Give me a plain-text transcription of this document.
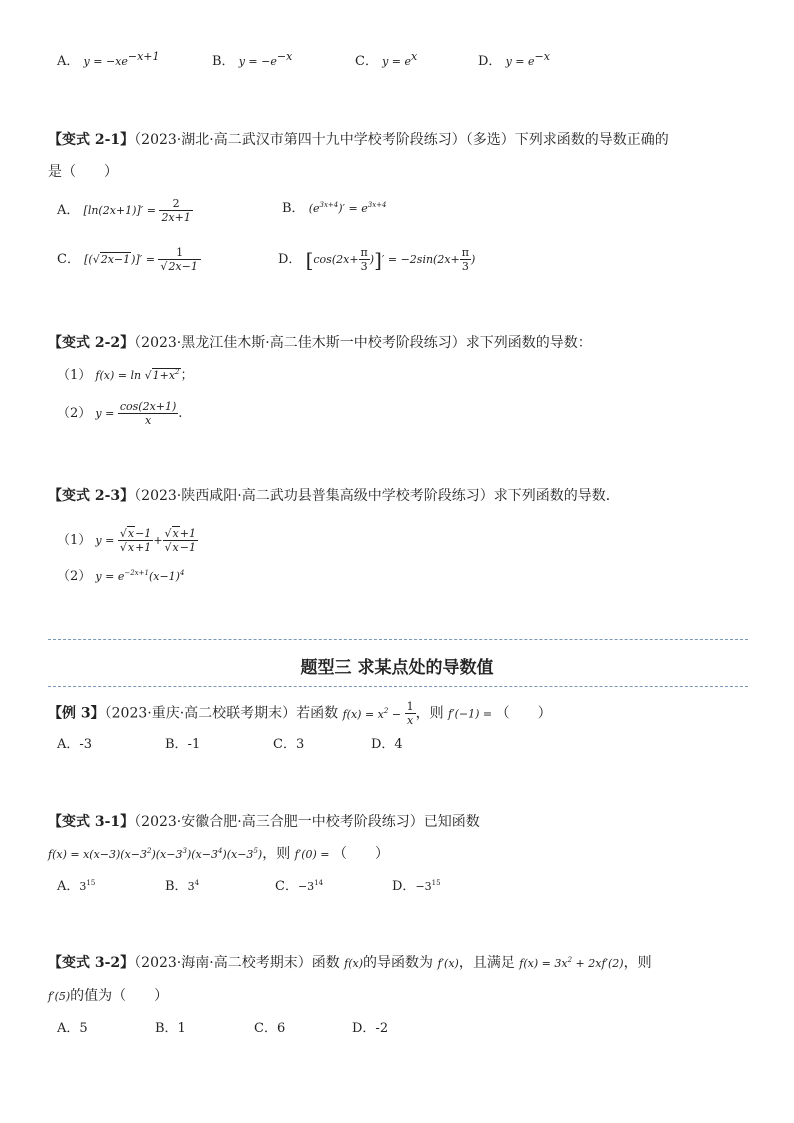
A． $y = -xe^{-x+1}$	B． $y = -e^{-x}$	C． $y = e^x$	D． $y = e^{-x}$
【变式 2-1】（2023·湖北·高二武汉市第四十九中学校考阶段练习）（多选）下列求函数的导数正确的
是（　　）
A． $[\ln(2x+1)]' = \frac{2}{2x+1}$	B． $(e^{3x+4})' = e^{3x+4}$
C． $[(√2x-1)]' = \frac{1}{√2x-1}$	D． [$\cos(2x+ \frac{\pi}{3}$ )]′ = $-2\sin(2x+ \frac{\pi}{3}$ )
【变式 2-2】（2023·黑龙江佳木斯·高二佳木斯一中校考阶段练习）求下列函数的导数：
（1） $f(x) = \ln √1+x^2$；
（2） $y = \frac{\cos(2x+1)}{x}$ .
【变式 2-3】（2023·陕西咸阳·高二武功县普集高级中学校考阶段练习）求下列函数的导数．
（1） $y = \frac{√x-1}{√x+1} + \frac{√x+1}{√x-1}$
（2） $y = e^{-2x+1}(x-1)^4$
题型三 求某点处的导数值
【例 3】（2023·重庆·高二校联考期末）若函数 $f(x) = x^2 - \frac{1}{x}$ ，则 f′(−1) = （　　）
A．-3	B．-1	C．3	D．4
【变式 3-1】（2023·安徽合肥·高三合肥一中校考阶段练习）已知函数
$f(x) = x(x-3)(x-3^2)(x-3^3)(x-3^4)(x-3^5)$，则 f′(0) = （　　）
A．$3^{15}$	B．$3^4$	C．$-3^{14}$	D．$-3^{15}$
【变式 3-2】（2023·海南·高二校考期末）函数 f(x)的导函数为 f′(x)，且满足 $f(x) = 3x^2 + 2xf'(2)$，则
f′(5)的值为（　　）
A．5	B．1	C．6	D．-2
